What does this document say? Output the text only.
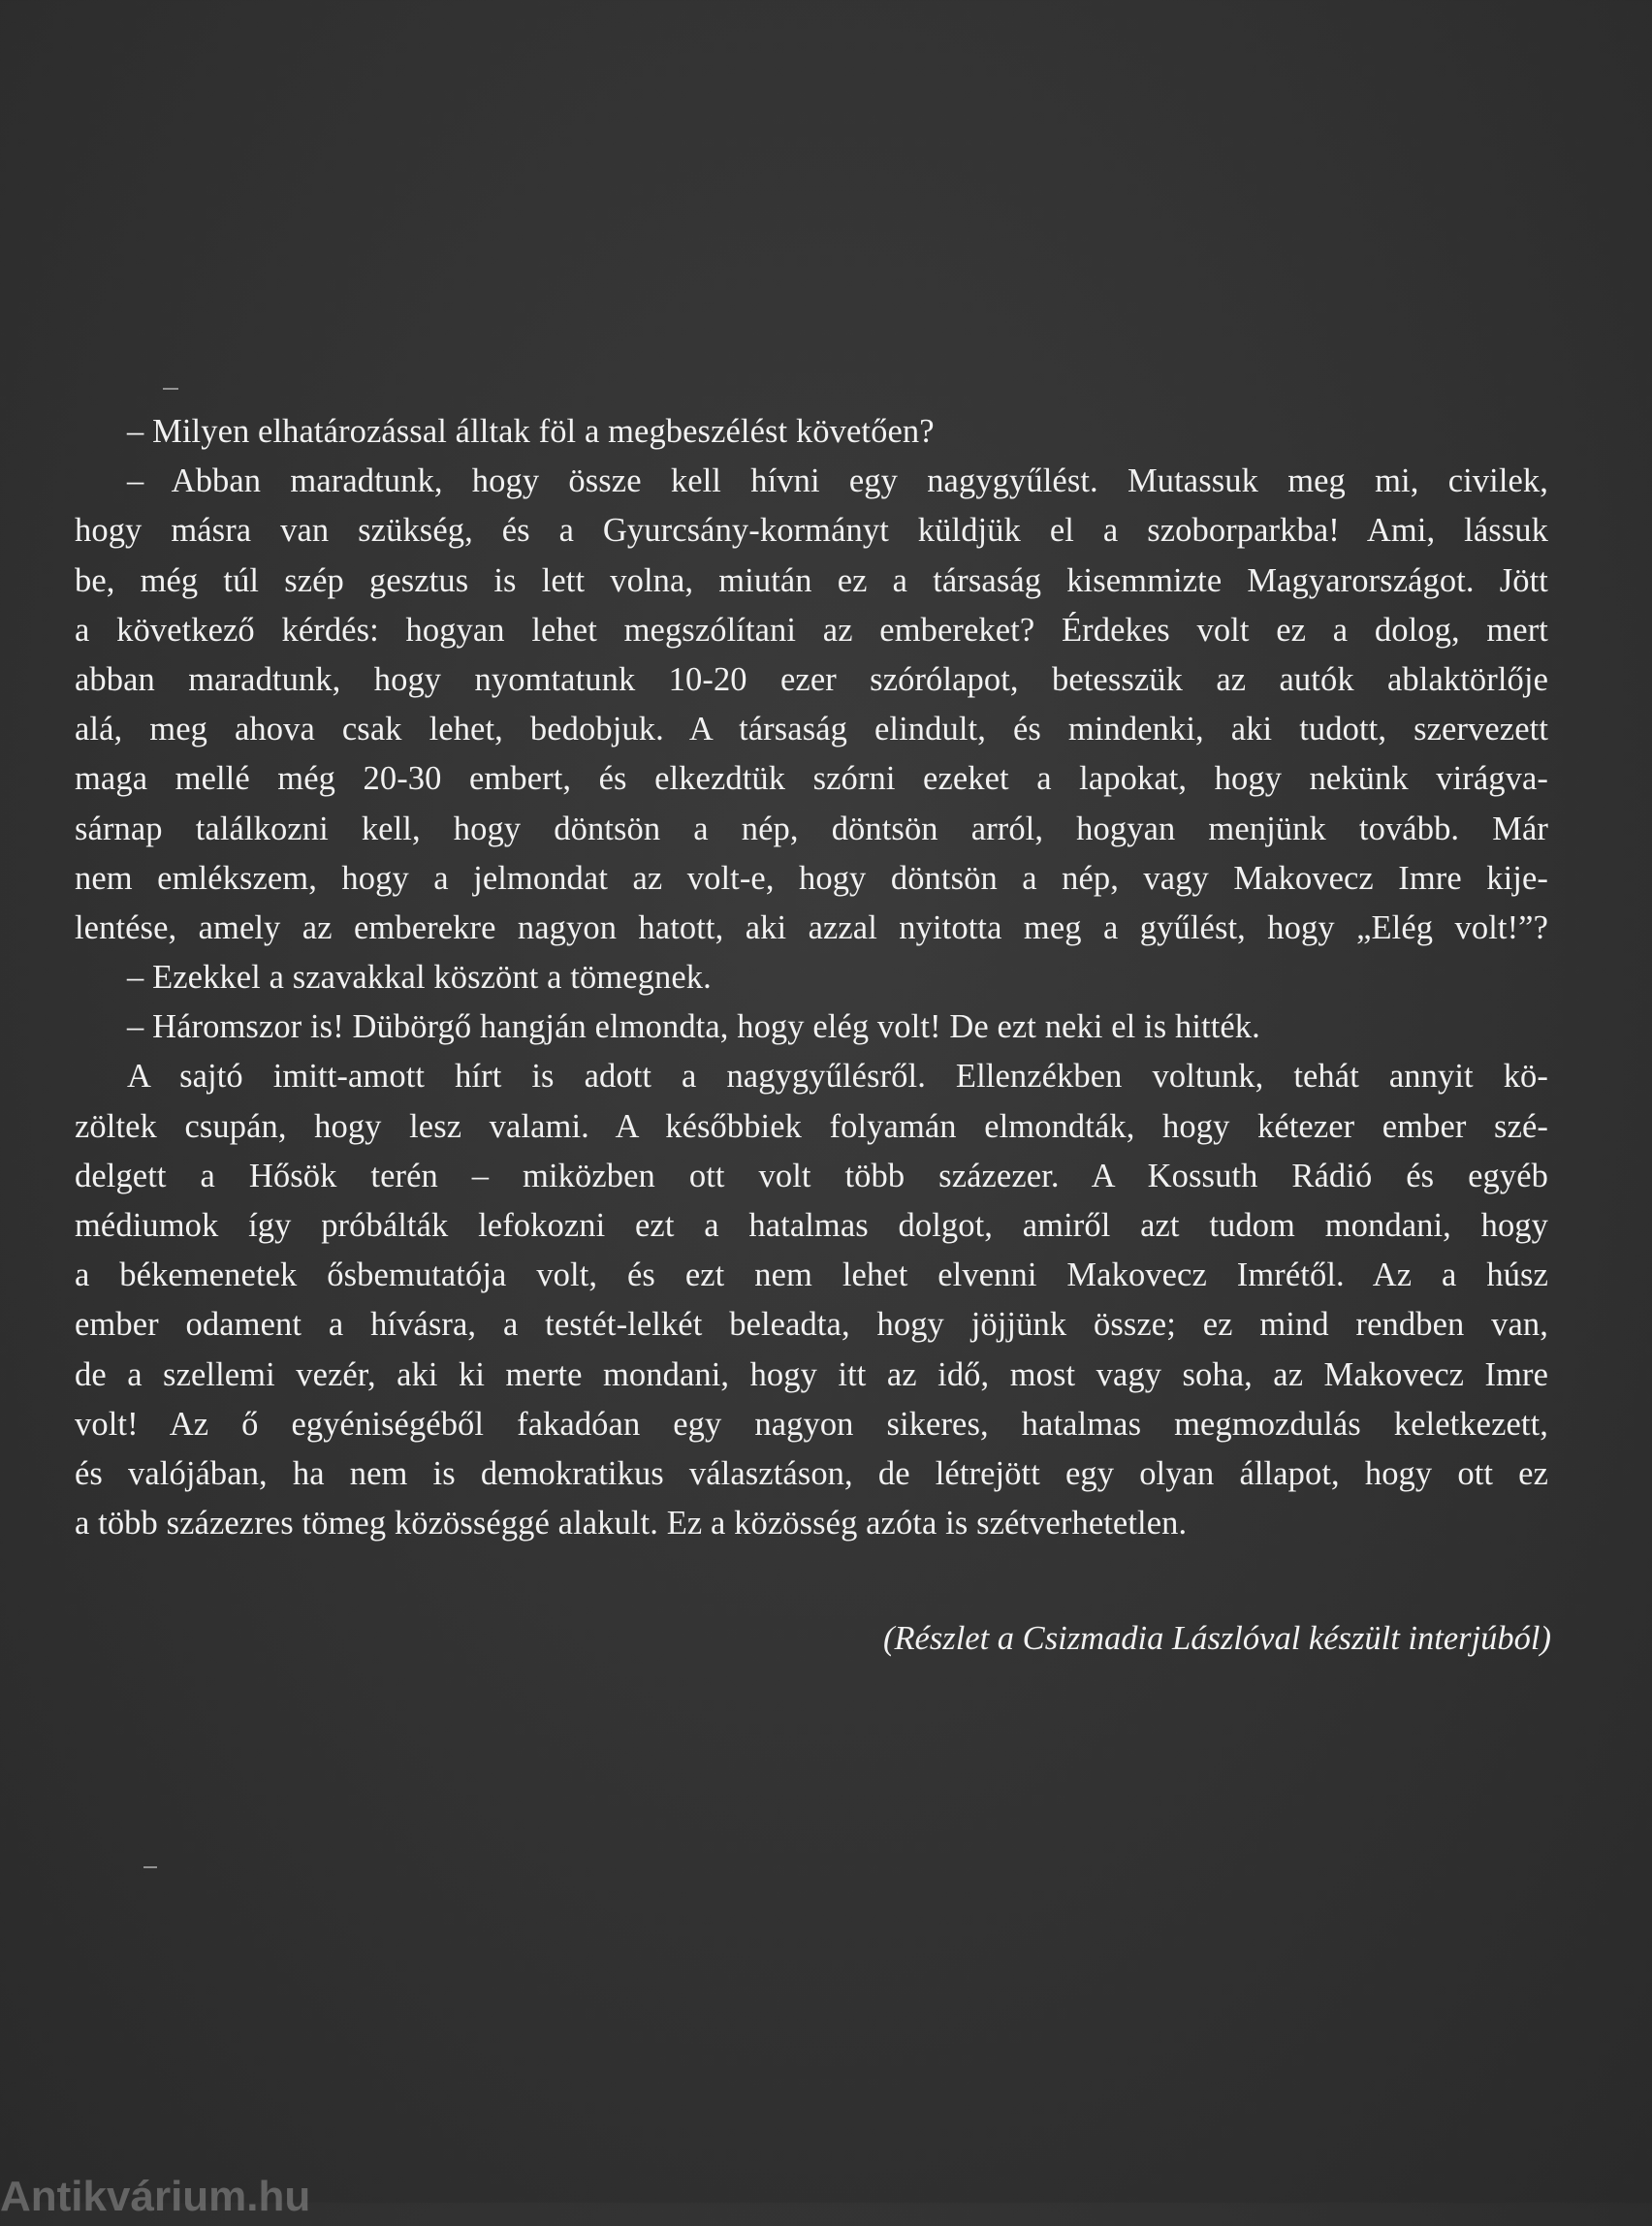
– Milyen elhatározással álltak föl a megbeszélést követően?
– Abban maradtunk, hogy össze kell hívni egy nagygyűlést. Mutassuk meg mi, civilek,
hogy másra van szükség, és a Gyurcsány-kormányt küldjük el a szoborparkba! Ami, lássuk
be, még túl szép gesztus is lett volna, miután ez a társaság kisemmizte Magyarországot. Jött
a következő kérdés: hogyan lehet megszólítani az embereket? Érdekes volt ez a dolog, mert
abban maradtunk, hogy nyomtatunk 10-20 ezer szórólapot, betesszük az autók ablaktörlője
alá, meg ahova csak lehet, bedobjuk. A társaság elindult, és mindenki, aki tudott, szervezett
maga mellé még 20-30 embert, és elkezdtük szórni ezeket a lapokat, hogy nekünk virágva-
sárnap találkozni kell, hogy döntsön a nép, döntsön arról, hogyan menjünk tovább. Már
nem emlékszem, hogy a jelmondat az volt-e, hogy döntsön a nép, vagy Makovecz Imre kije-
lentése, amely az emberekre nagyon hatott, aki azzal nyitotta meg a gyűlést, hogy „Elég volt!”?
– Ezekkel a szavakkal köszönt a tömegnek.
– Háromszor is! Dübörgő hangján elmondta, hogy elég volt! De ezt neki el is hitték.
A sajtó imitt-amott hírt is adott a nagygyűlésről. Ellenzékben voltunk, tehát annyit kö-
zöltek csupán, hogy lesz valami. A későbbiek folyamán elmondták, hogy kétezer ember szé-
delgett a Hősök terén – miközben ott volt több százezer. A Kossuth Rádió és egyéb
médiumok így próbálták lefokozni ezt a hatalmas dolgot, amiről azt tudom mondani, hogy
a békemenetek ősbemutatója volt, és ezt nem lehet elvenni Makovecz Imrétől. Az a húsz
ember odament a hívásra, a testét-lelkét beleadta, hogy jöjjünk össze; ez mind rendben van,
de a szellemi vezér, aki ki merte mondani, hogy itt az idő, most vagy soha, az Makovecz Imre
volt! Az ő egyéniségéből fakadóan egy nagyon sikeres, hatalmas megmozdulás keletkezett,
és valójában, ha nem is demokratikus választáson, de létrejött egy olyan állapot, hogy ott ez
a több százezres tömeg közösséggé alakult. Ez a közösség azóta is szétverhetetlen.
(Részlet a Csizmadia Lászlóval készült interjúból)
Antikvárium.hu
